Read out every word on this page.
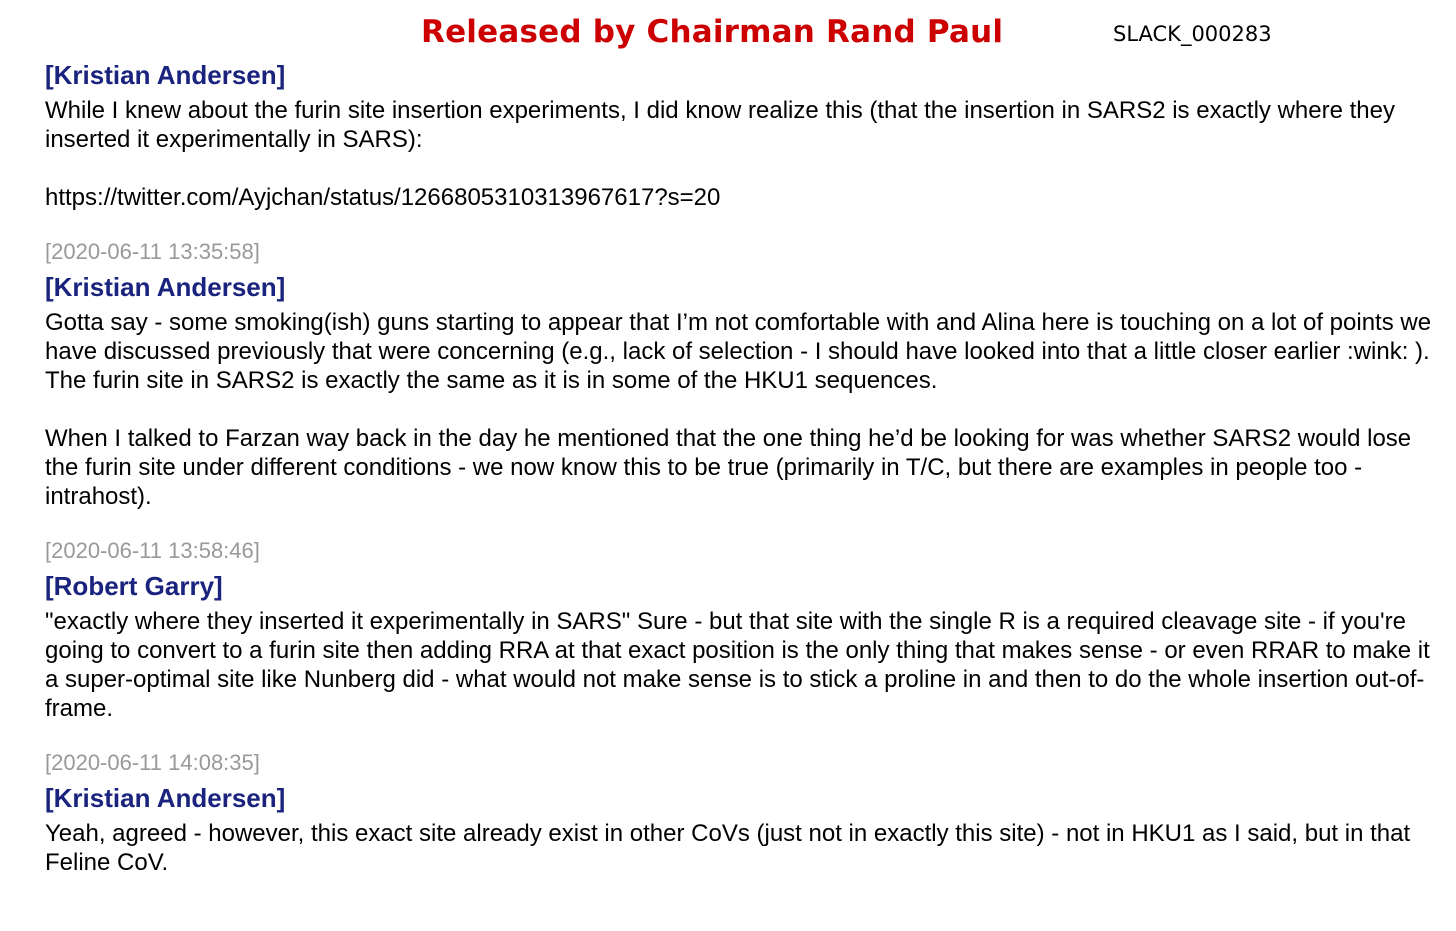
Released by Chairman Rand Paul	SLACK_000283
[Kristian Andersen]

While I knew about the furin site insertion experiments, I did know realize this (that the insertion in SARS2 is exactly where they inserted it experimentally in SARS):

https://twitter.com/Ayjchan/status/1266805310313967617?s=20

[2020-06-11 13:35:58]
[Kristian Andersen]

Gotta say - some smoking(ish) guns starting to appear that I’m not comfortable with and Alina here is touching on a lot of points we have discussed previously that were concerning (e.g., lack of selection - I should have looked into that a little closer earlier :wink: ). The furin site in SARS2 is exactly the same as it is in some of the HKU1 sequences.

When I talked to Farzan way back in the day he mentioned that the one thing he’d be looking for was whether SARS2 would lose the furin site under different conditions - we now know this to be true (primarily in T/C, but there are examples in people too - intrahost).

[2020-06-11 13:58:46]
[Robert Garry]

"exactly where they inserted it experimentally in SARS" Sure - but that site with the single R is a required cleavage site - if you're going to convert to a furin site then adding RRA at that exact position is the only thing that makes sense - or even RRAR to make it a super-optimal site like Nunberg did - what would not make sense is to stick a proline in and then to do the whole insertion out-of-frame.

[2020-06-11 14:08:35]
[Kristian Andersen]

Yeah, agreed - however, this exact site already exist in other CoVs (just not in exactly this site) - not in HKU1 as I said, but in that Feline CoV.
